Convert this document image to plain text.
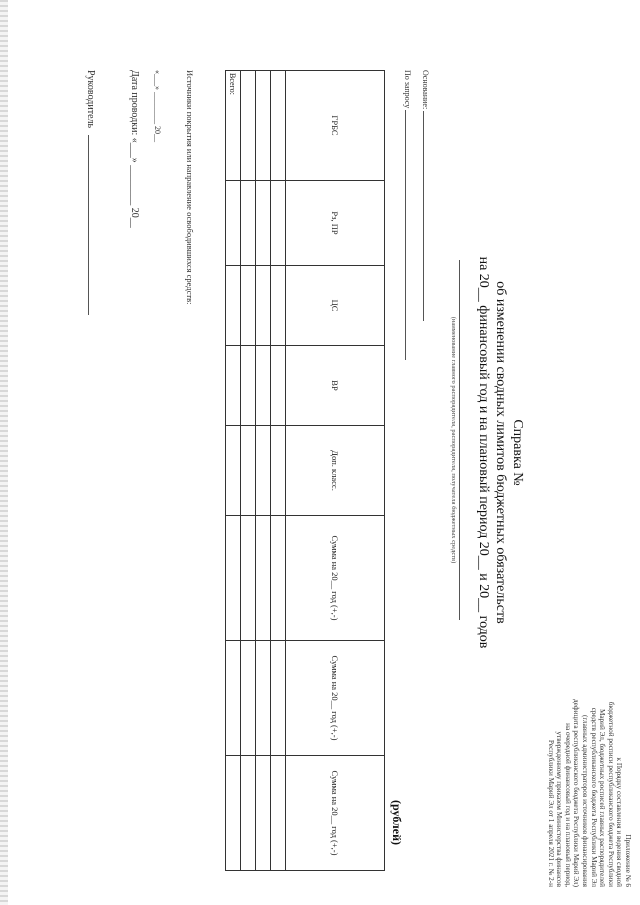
Приложение № 6
к Порядку составления и ведения сводной
бюджетной росписи республиканского бюджета Республики
Марий Эл, бюджетных росписей главных распорядителей
средств республиканского бюджета Республики Марий Эл
(главных администраторов источников финансирования
дефицита республиканского бюджета Республики Марий Эл)
на очередной финансовый год и на плановый период,
утвержденному приказом Министерства финансов
Республики Марий Эл от 1 апреля 2021 г. № 2-н
Справка №
об изменении сводных лимитов бюджетных обязательств
на 20__ финансовый год и на плановый период 20__ и 20__ годов
(наименование главного распорядителя, распорядителя, получателя бюджетных средств)
(рублей)
Основание:
По запросу
ГРБС	Рз, ПР	ЦС	ВР	Доп. класс.	Сумма на 20__ год (+,-)	Сумма на 20__ год (+,-)	Сумма на 20__ год (+,-)

Всего:							
Источники покрытия или направление освободившихся средств:
«___» ________ 20__
Дата проводки: «___» ________ 20__
Руководитель
